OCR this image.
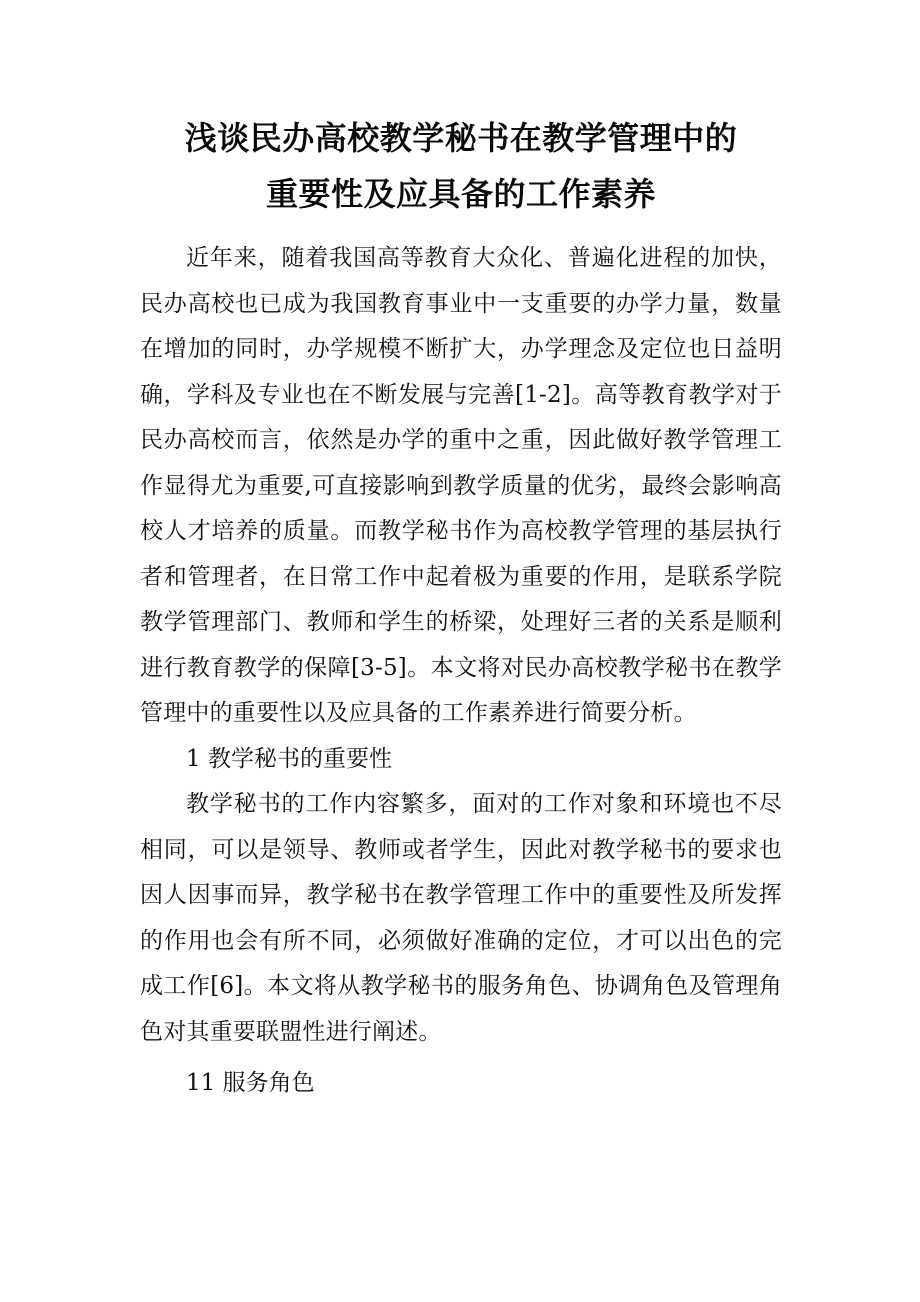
浅谈民办高校教学秘书在教学管理中的
重要性及应具备的工作素养

近年来，随着我国高等教育大众化、普遍化进程的加快，民办高校也已成为我国教育事业中一支重要的办学力量，数量在增加的同时，办学规模不断扩大，办学理念及定位也日益明确，学科及专业也在不断发展与完善[1-2]。高等教育教学对于民办高校而言，依然是办学的重中之重，因此做好教学管理工作显得尤为重要,可直接影响到教学质量的优劣，最终会影响高校人才培养的质量。而教学秘书作为高校教学管理的基层执行者和管理者，在日常工作中起着极为重要的作用，是联系学院教学管理部门、教师和学生的桥梁，处理好三者的关系是顺利进行教育教学的保障[3-5]。本文将对民办高校教学秘书在教学管理中的重要性以及应具备的工作素养进行简要分析。

1 教学秘书的重要性

教学秘书的工作内容繁多，面对的工作对象和环境也不尽相同，可以是领导、教师或者学生，因此对教学秘书的要求也因人因事而异，教学秘书在教学管理工作中的重要性及所发挥的作用也会有所不同，必须做好准确的定位，才可以出色的完成工作[6]。本文将从教学秘书的服务角色、协调角色及管理角色对其重要联盟性进行阐述。

11 服务角色
